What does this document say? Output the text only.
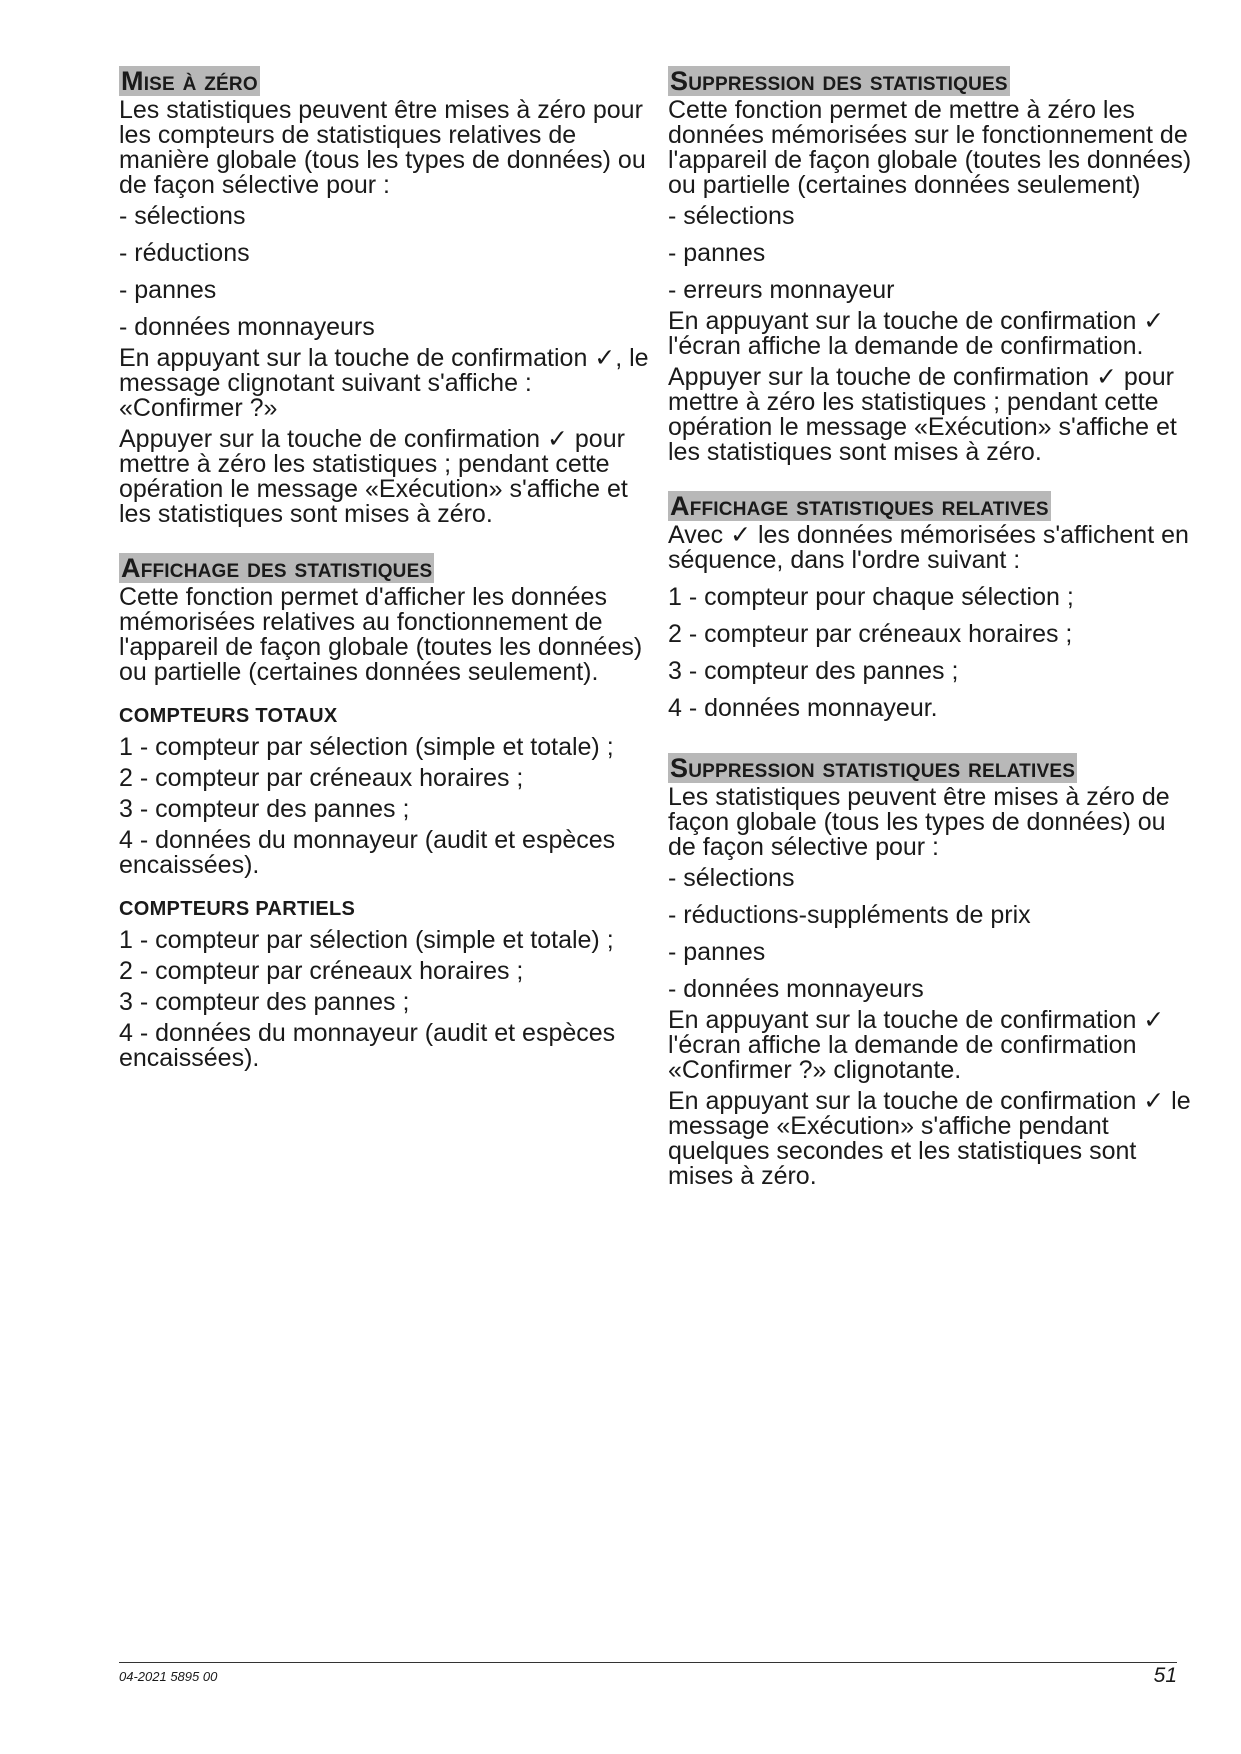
Mise à zéro

Les statistiques peuvent être mises à zéro pour les compteurs de statistiques relatives de manière globale (tous les types de données) ou de façon sélective pour :

- sélections
- réductions
- pannes
- données monnayeurs

En appuyant sur la touche de confirmation ✓, le message clignotant suivant s'affiche : «Confirmer ?»

Appuyer sur la touche de confirmation ✓ pour mettre à zéro les statistiques ; pendant cette opération le message «Exécution» s'affiche et les statistiques sont mises à zéro.

Affichage des statistiques

Cette fonction permet d'afficher les données mémorisées relatives au fonctionnement de l'appareil de façon globale (toutes les données) ou partielle (certaines données seulement).

COMPTEURS TOTAUX
1 - compteur par sélection (simple et totale) ;
2 - compteur par créneaux horaires ;
3 - compteur des pannes ;
4 - données du monnayeur (audit et espèces encaissées).
COMPTEURS PARTIELS
1 - compteur par sélection (simple et totale) ;
2 - compteur par créneaux horaires ;
3 - compteur des pannes ;
4 - données du monnayeur (audit et espèces encaissées).
Suppression des statistiques

Cette fonction permet de mettre à zéro les données mémorisées sur le fonctionnement de l'appareil de façon globale (toutes les données) ou partielle (certaines données seulement)

- sélections
- pannes
- erreurs monnayeur

En appuyant sur la touche de confirmation ✓ l'écran affiche la demande de confirmation.

Appuyer sur la touche de confirmation ✓ pour mettre à zéro les statistiques ; pendant cette opération le message «Exécution» s'affiche et les statistiques sont mises à zéro.

Affichage statistiques relatives

Avec ✓ les données mémorisées s'affichent en séquence, dans l'ordre suivant :

1 - compteur pour chaque sélection ;
2 - compteur par créneaux horaires ;
3 - compteur des pannes ;
4 - données monnayeur.
Suppression statistiques relatives

Les statistiques peuvent être mises à zéro de façon globale (tous les types de données) ou de façon sélective pour :

- sélections
- réductions-suppléments de prix
- pannes
- données monnayeurs

En appuyant sur la touche de confirmation ✓ l'écran affiche la demande de confirmation «Confirmer ?» clignotante.

En appuyant sur la touche de confirmation ✓ le message «Exécution» s'affiche pendant quelques secondes et les statistiques sont mises à zéro.

04-2021 5895 00	51
